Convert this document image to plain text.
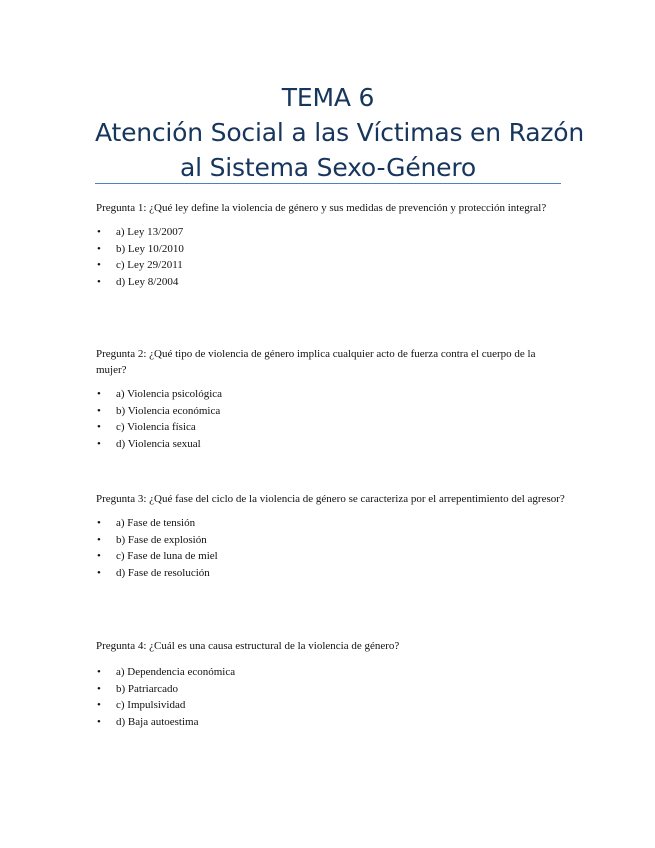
TEMA 6
Atención Social a las Víctimas en Razón
al Sistema Sexo-Género

Pregunta 1: ¿Qué ley define la violencia de género y sus medidas de prevención y protección integral?

• a) Ley 13/2007
• b) Ley 10/2010
• c) Ley 29/2011
• d) Ley 8/2004

Pregunta 2: ¿Qué tipo de violencia de género implica cualquier acto de fuerza contra el cuerpo de la mujer?

• a) Violencia psicológica
• b) Violencia económica
• c) Violencia física
• d) Violencia sexual

Pregunta 3: ¿Qué fase del ciclo de la violencia de género se caracteriza por el arrepentimiento del agresor?

• a) Fase de tensión
• b) Fase de explosión
• c) Fase de luna de miel
• d) Fase de resolución

Pregunta 4: ¿Cuál es una causa estructural de la violencia de género?

• a) Dependencia económica
• b) Patriarcado
• c) Impulsividad
• d) Baja autoestima
